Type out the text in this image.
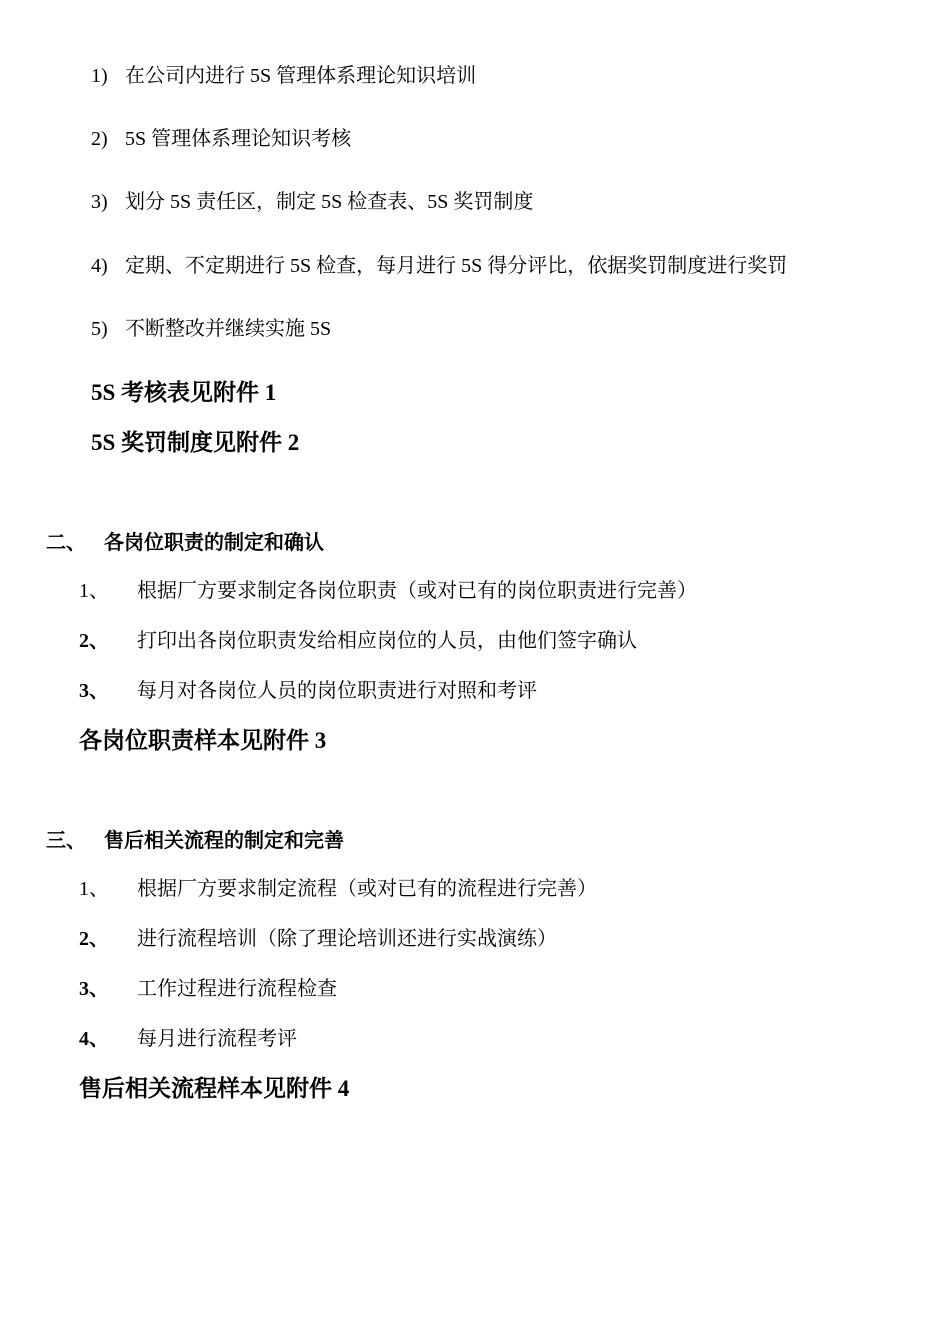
1) 在公司内进行 5S 管理体系理论知识培训
2) 5S 管理体系理论知识考核
3) 划分 5S 责任区，制定 5S 检查表、5S 奖罚制度
4) 定期、不定期进行 5S 检查，每月进行 5S 得分评比，依据奖罚制度进行奖罚
5) 不断整改并继续实施 5S
5S 考核表见附件 1
5S 奖罚制度见附件 2
二、 各岗位职责的制定和确认
1、 根据厂方要求制定各岗位职责（或对已有的岗位职责进行完善）
2、 打印出各岗位职责发给相应岗位的人员，由他们签字确认
3、 每月对各岗位人员的岗位职责进行对照和考评
各岗位职责样本见附件 3
三、 售后相关流程的制定和完善
1、 根据厂方要求制定流程（或对已有的流程进行完善）
2、 进行流程培训（除了理论培训还进行实战演练）
3、 工作过程进行流程检查
4、 每月进行流程考评
售后相关流程样本见附件 4
